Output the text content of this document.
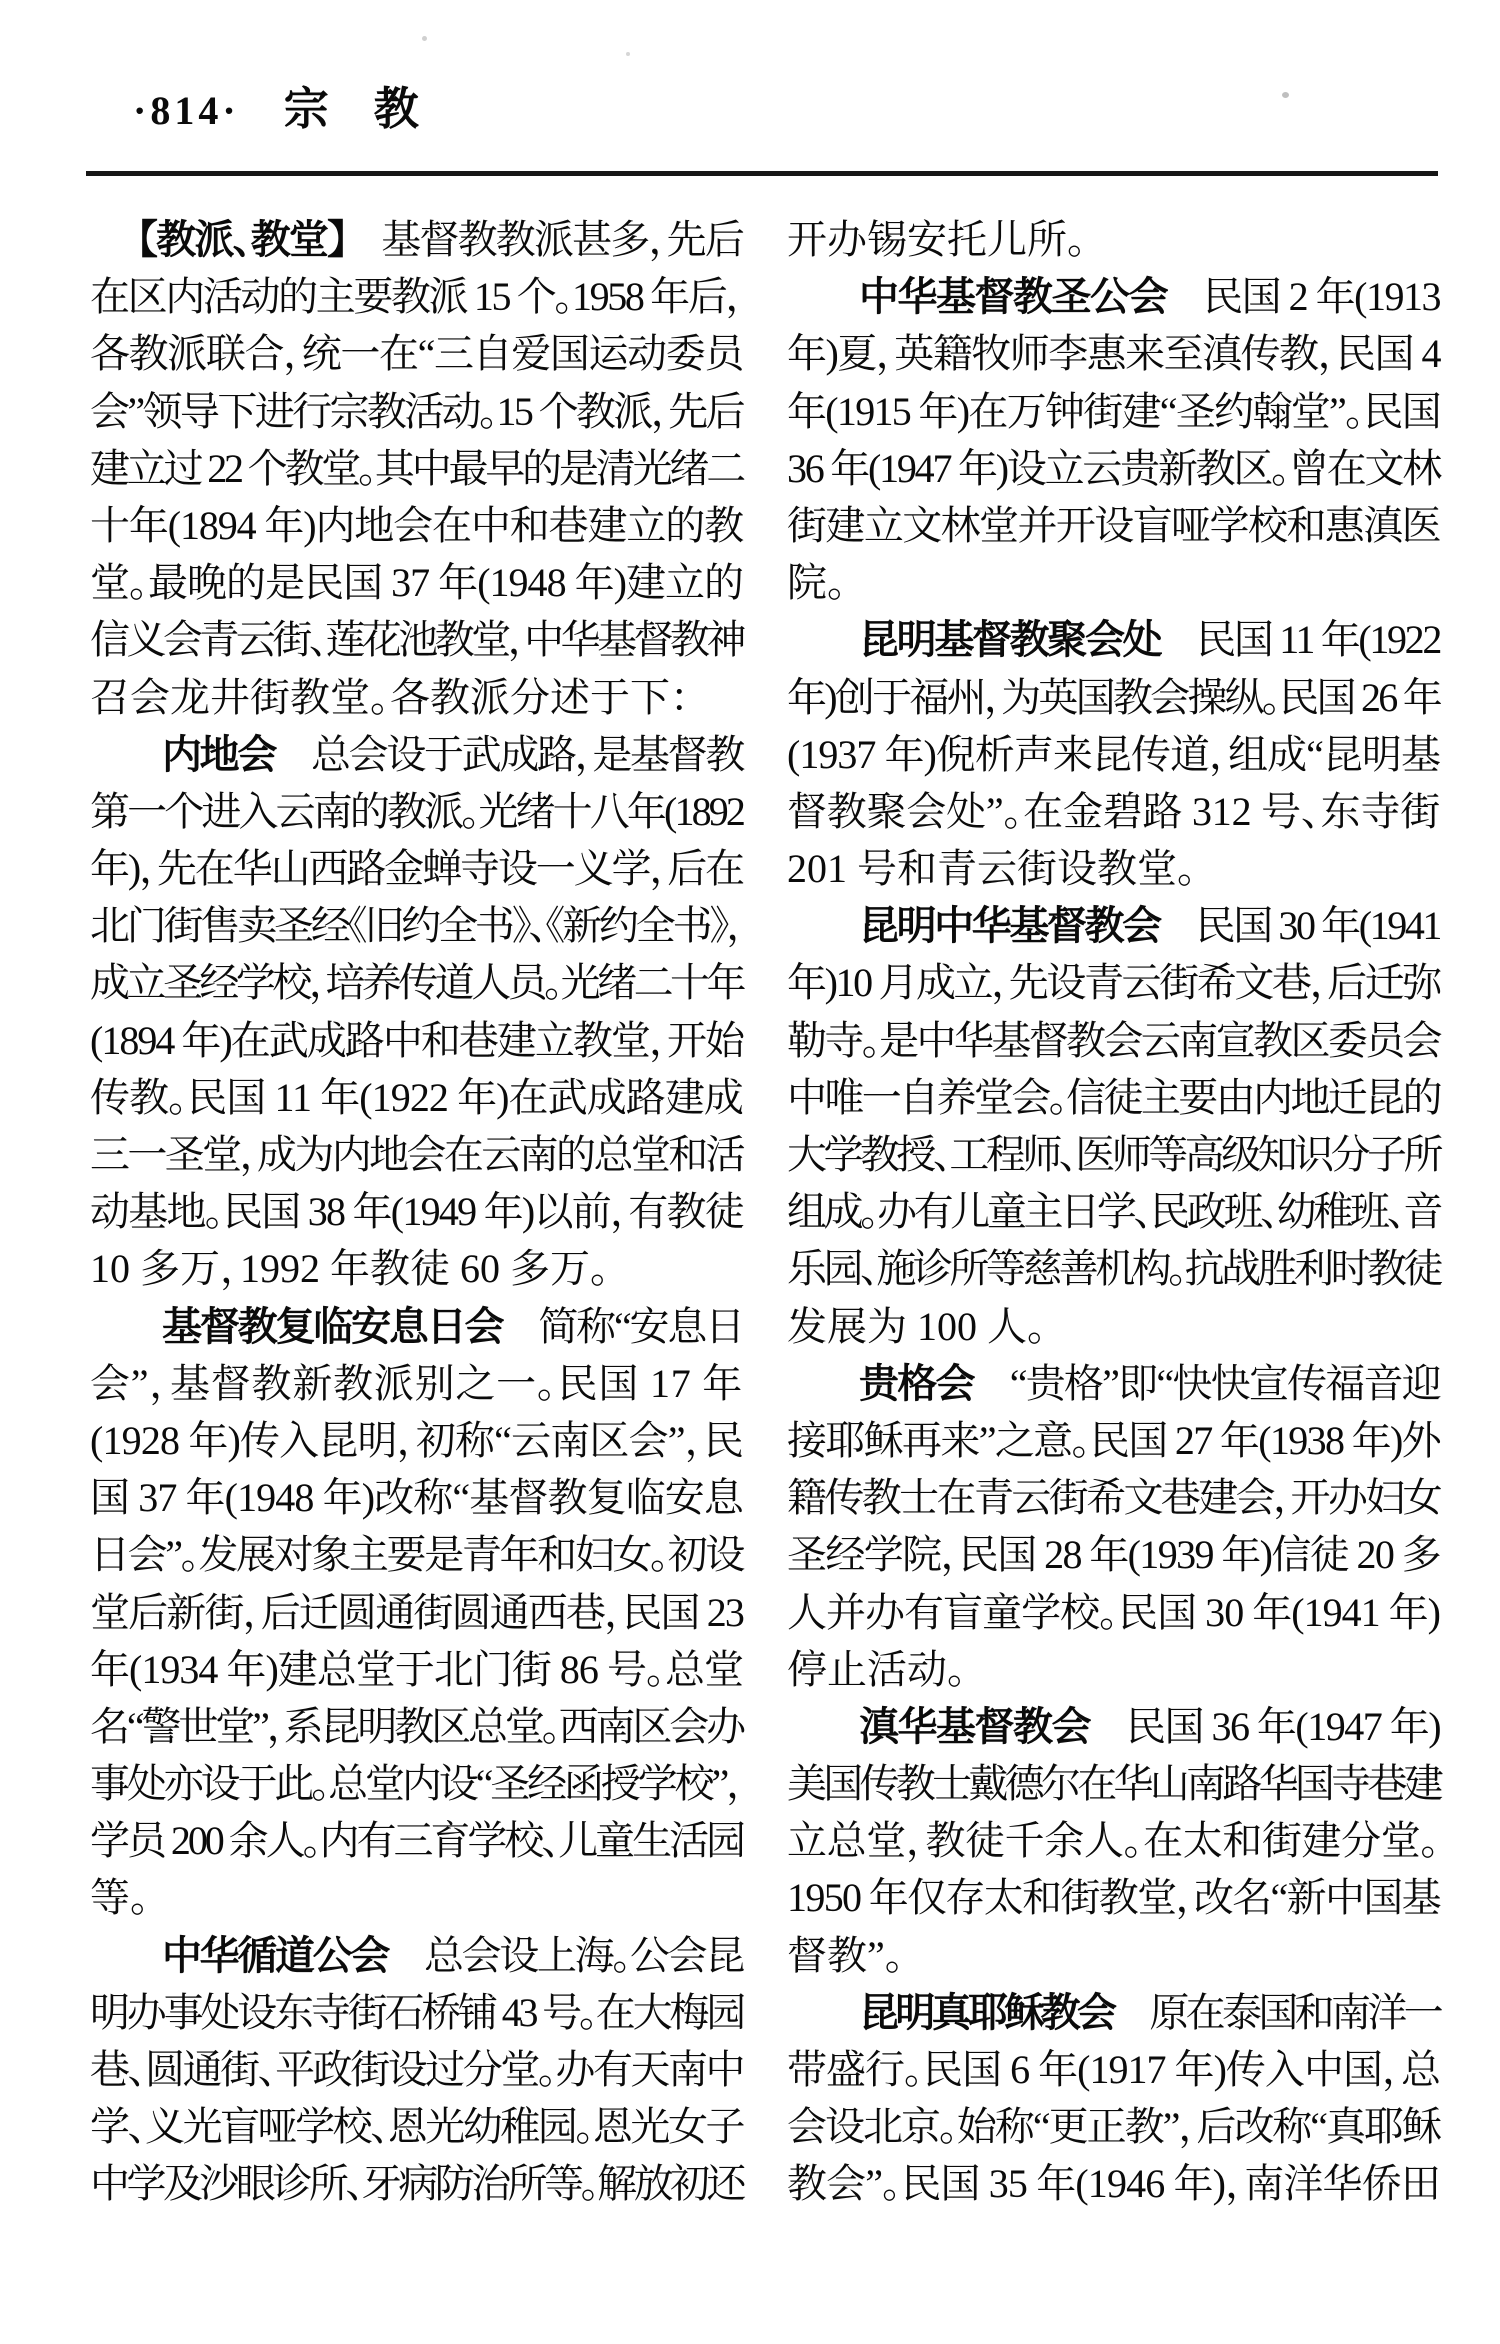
·814· 宗　教
【教派、教堂】 基督教教派甚多，先后
在区内活动的主要教派 15 个。1958 年后，
各教派联合，统一在“三自爱国运动委员
会”领导下进行宗教活动。15 个教派，先后
建立过 22 个教堂。其中最早的是清光绪二
十年(1894 年)内地会在中和巷建立的教
堂。最晚的是民国 37 年(1948 年)建立的
信义会青云街、莲花池教堂，中华基督教神
召会龙井街教堂。各教派分述于下：
内地会 总会设于武成路，是基督教
第一个进入云南的教派。光绪十八年(1892
年)，先在华山西路金蝉寺设一义学，后在
北门街售卖圣经《旧约全书》、《新约全书》，
成立圣经学校，培养传道人员。光绪二十年
(1894 年)在武成路中和巷建立教堂，开始
传教。民国 11 年(1922 年)在武成路建成
三一圣堂，成为内地会在云南的总堂和活
动基地。民国 38 年(1949 年)以前，有教徒
10 多万，1992 年教徒 60 多万。
基督教复临安息日会 简称“安息日
会”，基督教新教派别之一。民国 17 年
(1928 年)传入昆明，初称“云南区会”，民
国 37 年(1948 年)改称“基督教复临安息
日会”。发展对象主要是青年和妇女。初设
堂后新街，后迁圆通街圆通西巷，民国 23
年(1934 年)建总堂于北门街 86 号。总堂
名“警世堂”，系昆明教区总堂。西南区会办
事处亦设于此。总堂内设“圣经函授学校”，
学员 200 余人。内有三育学校、儿童生活园
等。
中华循道公会 总会设上海。公会昆
明办事处设东寺街石桥铺 43 号。在大梅园
巷、圆通街、平政街设过分堂。办有天南中
学、义光盲哑学校、恩光幼稚园。恩光女子
中学及沙眼诊所、牙病防治所等。解放初还
开办锡安托儿所。
中华基督教圣公会 民国 2 年(1913
年)夏，英籍牧师李惠来至滇传教，民国 4
年(1915 年)在万钟街建“圣约翰堂”。民国
36 年(1947 年)设立云贵新教区。曾在文林
街建立文林堂并开设盲哑学校和惠滇医
院。
昆明基督教聚会处 民国 11 年(1922
年)创于福州，为英国教会操纵。民国 26 年
(1937 年)倪析声来昆传道，组成“昆明基
督教聚会处”。在金碧路 312 号、东寺街
201 号和青云街设教堂。
昆明中华基督教会 民国 30 年(1941
年)10 月成立，先设青云街希文巷，后迁弥
勒寺。是中华基督教会云南宣教区委员会
中唯一自养堂会。信徒主要由内地迁昆的
大学教授、工程师、医师等高级知识分子所
组成。办有儿童主日学、民政班、幼稚班、音
乐园、施诊所等慈善机构。抗战胜利时教徒
发展为 100 人。
贵格会 “贵格”即“快快宣传福音迎
接耶稣再来”之意。民国 27 年(1938 年)外
籍传教士在青云街希文巷建会，开办妇女
圣经学院，民国 28 年(1939 年)信徒 20 多
人并办有盲童学校。民国 30 年(1941 年)
停止活动。
滇华基督教会 民国 36 年(1947 年)
美国传教士戴德尔在华山南路华国寺巷建
立总堂，教徒千余人。在太和街建分堂。
1950 年仅存太和街教堂，改名“新中国基
督教”。
昆明真耶稣教会 原在泰国和南洋一
带盛行。民国 6 年(1917 年)传入中国，总
会设北京。始称“更正教”，后改称“真耶稣
教会”。民国 35 年(1946 年)，南洋华侨田
